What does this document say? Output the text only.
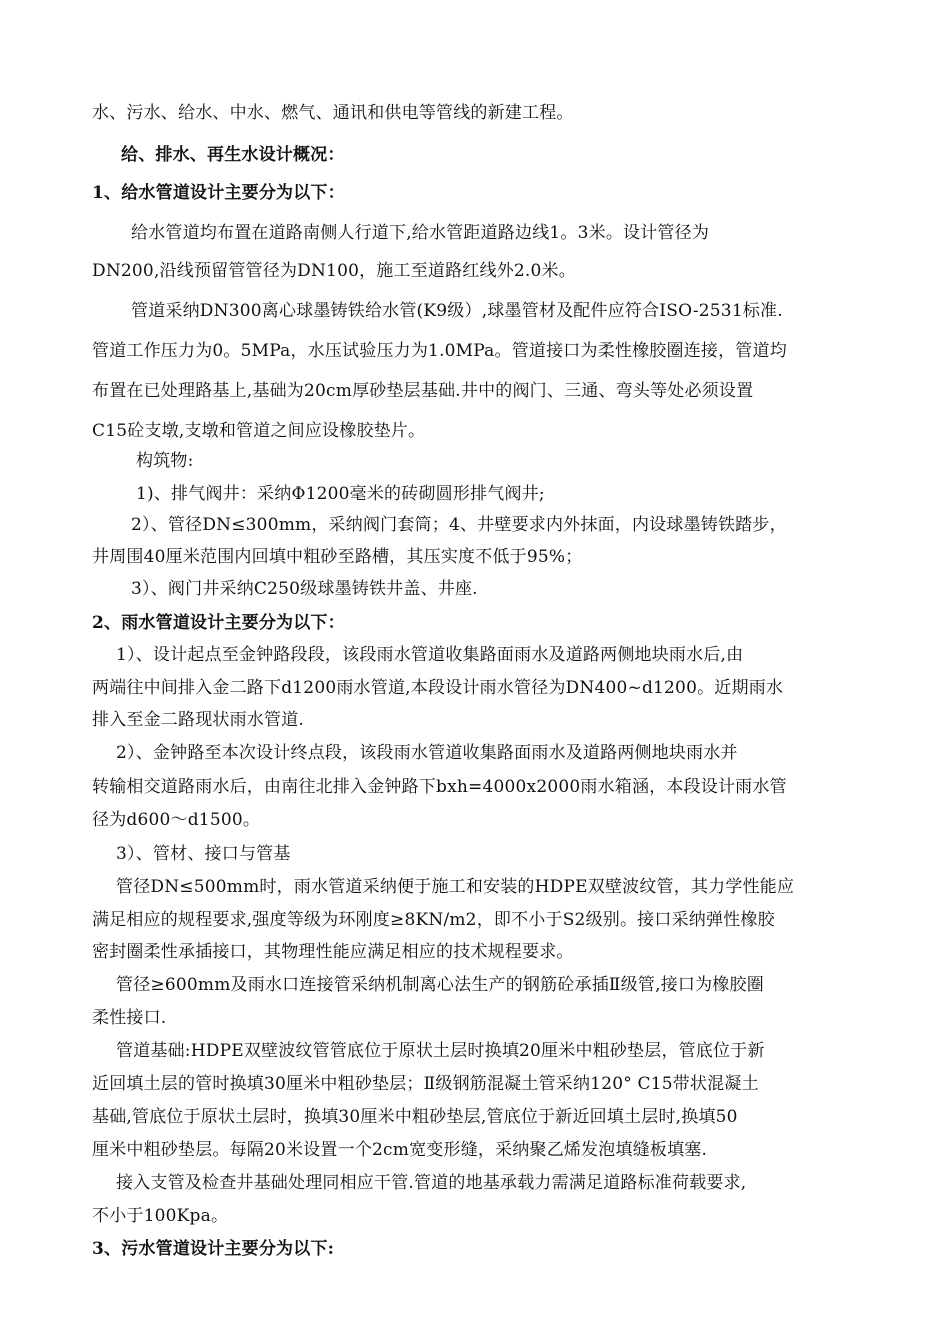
水、污水、给水、中水、燃气、通讯和供电等管线的新建工程。
给、排水、再生水设计概况：
1、给水管道设计主要分为以下：
给水管道均布置在道路南侧人行道下,给水管距道路边线1。3米。设计管径为
DN200,沿线预留管管径为DN100，施工至道路红线外2.0米。
管道采纳DN300离心球墨铸铁给水管(K9级）,球墨管材及配件应符合ISO-2531标准.
管道工作压力为0。5MPa，水压试验压力为1.0MPa。管道接口为柔性橡胶圈连接，管道均
布置在已处理路基上,基础为20cm厚砂垫层基础.井中的阀门、三通、弯头等处必须设置
C15砼支墩,支墩和管道之间应设橡胶垫片。
构筑物:
1)、排气阀井：采纳Φ1200毫米的砖砌圆形排气阀井;
2）、管径DN≤300mm，采纳阀门套筒；4、井壁要求内外抹面，内设球墨铸铁踏步，
井周围40厘米范围内回填中粗砂至路槽，其压实度不低于95%；
3）、阀门井采纳C250级球墨铸铁井盖、井座.
2、雨水管道设计主要分为以下：
1）、设计起点至金钟路段段，该段雨水管道收集路面雨水及道路两侧地块雨水后,由
两端往中间排入金二路下d1200雨水管道,本段设计雨水管径为DN400~d1200。近期雨水
排入至金二路现状雨水管道.
2）、金钟路至本次设计终点段，该段雨水管道收集路面雨水及道路两侧地块雨水并
转输相交道路雨水后，由南往北排入金钟路下bxh=4000x2000雨水箱涵，本段设计雨水管
径为d600～d1500。
3）、管材、接口与管基
管径DN≤500mm时，雨水管道采纳便于施工和安装的HDPE双壁波纹管，其力学性能应
满足相应的规程要求,强度等级为环刚度≥8KN/m2，即不小于S2级别。接口采纳弹性橡胶
密封圈柔性承插接口，其物理性能应满足相应的技术规程要求。
管径≥600mm及雨水口连接管采纳机制离心法生产的钢筋砼承插Ⅱ级管,接口为橡胶圈
柔性接口.
管道基础:HDPE双壁波纹管管底位于原状土层时换填20厘米中粗砂垫层，管底位于新
近回填土层的管时换填30厘米中粗砂垫层；Ⅱ级钢筋混凝土管采纳120° C15带状混凝土
基础,管底位于原状土层时，换填30厘米中粗砂垫层,管底位于新近回填土层时,换填50
厘米中粗砂垫层。每隔20米设置一个2cm宽变形缝，采纳聚乙烯发泡填缝板填塞.
接入支管及检查井基础处理同相应干管.管道的地基承载力需满足道路标准荷载要求,
不小于100Kpa。
3、污水管道设计主要分为以下:
